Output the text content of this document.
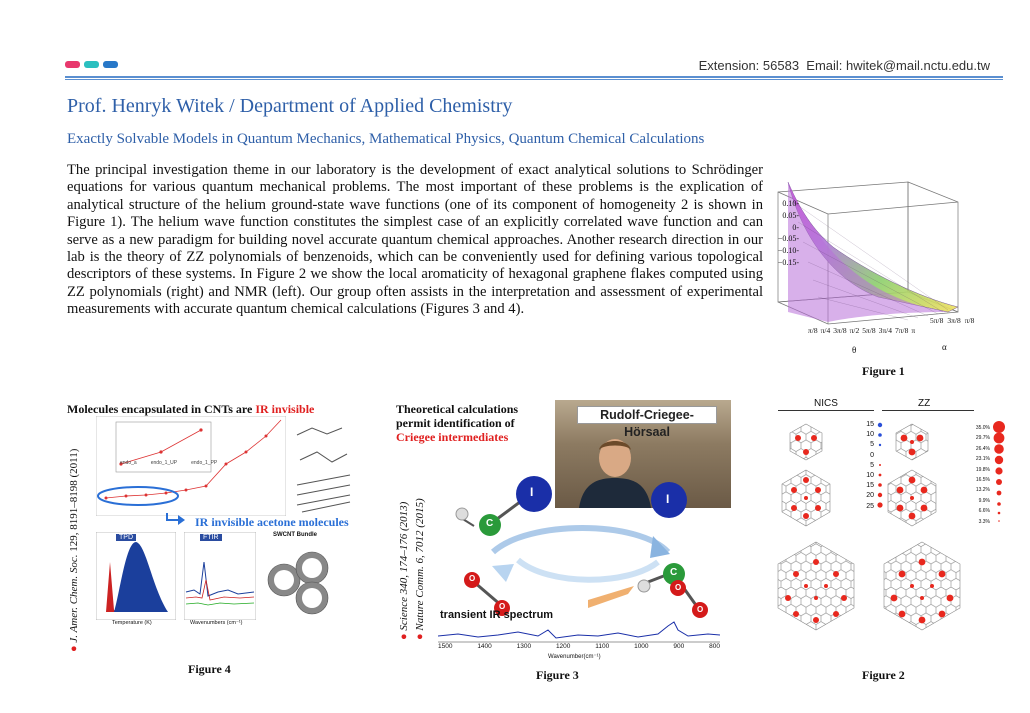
Extension: 56583  Email: hwitek@mail.nctu.edu.tw
Prof. Henryk Witek / Department of Applied Chemistry
Exactly Solvable Models in Quantum Mechanics, Mathematical Physics, Quantum Chemical Calculations
The principal investigation theme in our laboratory is the development of exact analytical solutions to Schrödinger equations for various quantum mechanical problems. The most important of these problems is the explication of analytical structure of the helium ground-state wave functions (one of its component of homogeneity 2 is shown in Figure 1). The helium wave function constitutes the simplest case of an explicitly correlated wave function and can serve as a new paradigm for building novel accurate quantum chemical approaches. Another research direction in our lab is the theory of ZZ polynomials of benzenoids, which can be conveniently used for defining various topological descriptors of these systems. In Figure 2 we show the local aromaticity of hexagonal graphene flakes computed using ZZ polynomials (right) and NMR (left). Our group often assists in the interpretation and assessment of experimental measurements with accurate quantum chemical calculations (Figures 3 and 4).
0.10-
0.05-
0-
−0.05-
−0.10-
−0.15-
π/8 π/4 3π/8 π/2 5π/8 3π/4 7π/8 π
5π/8 3π/8 π/8
θ	α
Figure 1
Molecules encapsulated in CNTs are IR invisible
endo_a	endo_1_UP	endo_1_PP
IR invisible acetone molecules
TPD
Temperature (K)
FTIR
Wavenumbers (cm⁻¹)
SWCNT Bundle
● J. Amer. Chem. Soc. 129, 8191–8198 (2011)
Figure 4
Theoretical calculations
permit identification of
Criegee intermediates
Rudolf-Criegee-Hörsaal
I	I
C
C
O
O
O
O
transient IR spectrum
1500	1400	1300	1200	1100	1000	900	800
Wavenumber(cm⁻¹)
● Science 340, 174–176 (2013)
● Nature Comm. 6, 7012 (2015)
Figure 3
NICS	ZZ
15
10
5
0
5
10
15
20
25
35.0%
29.7%
26.4%
23.1%
19.8%
16.5%
13.2%
9.9%
6.6%
3.3%
Figure 2
